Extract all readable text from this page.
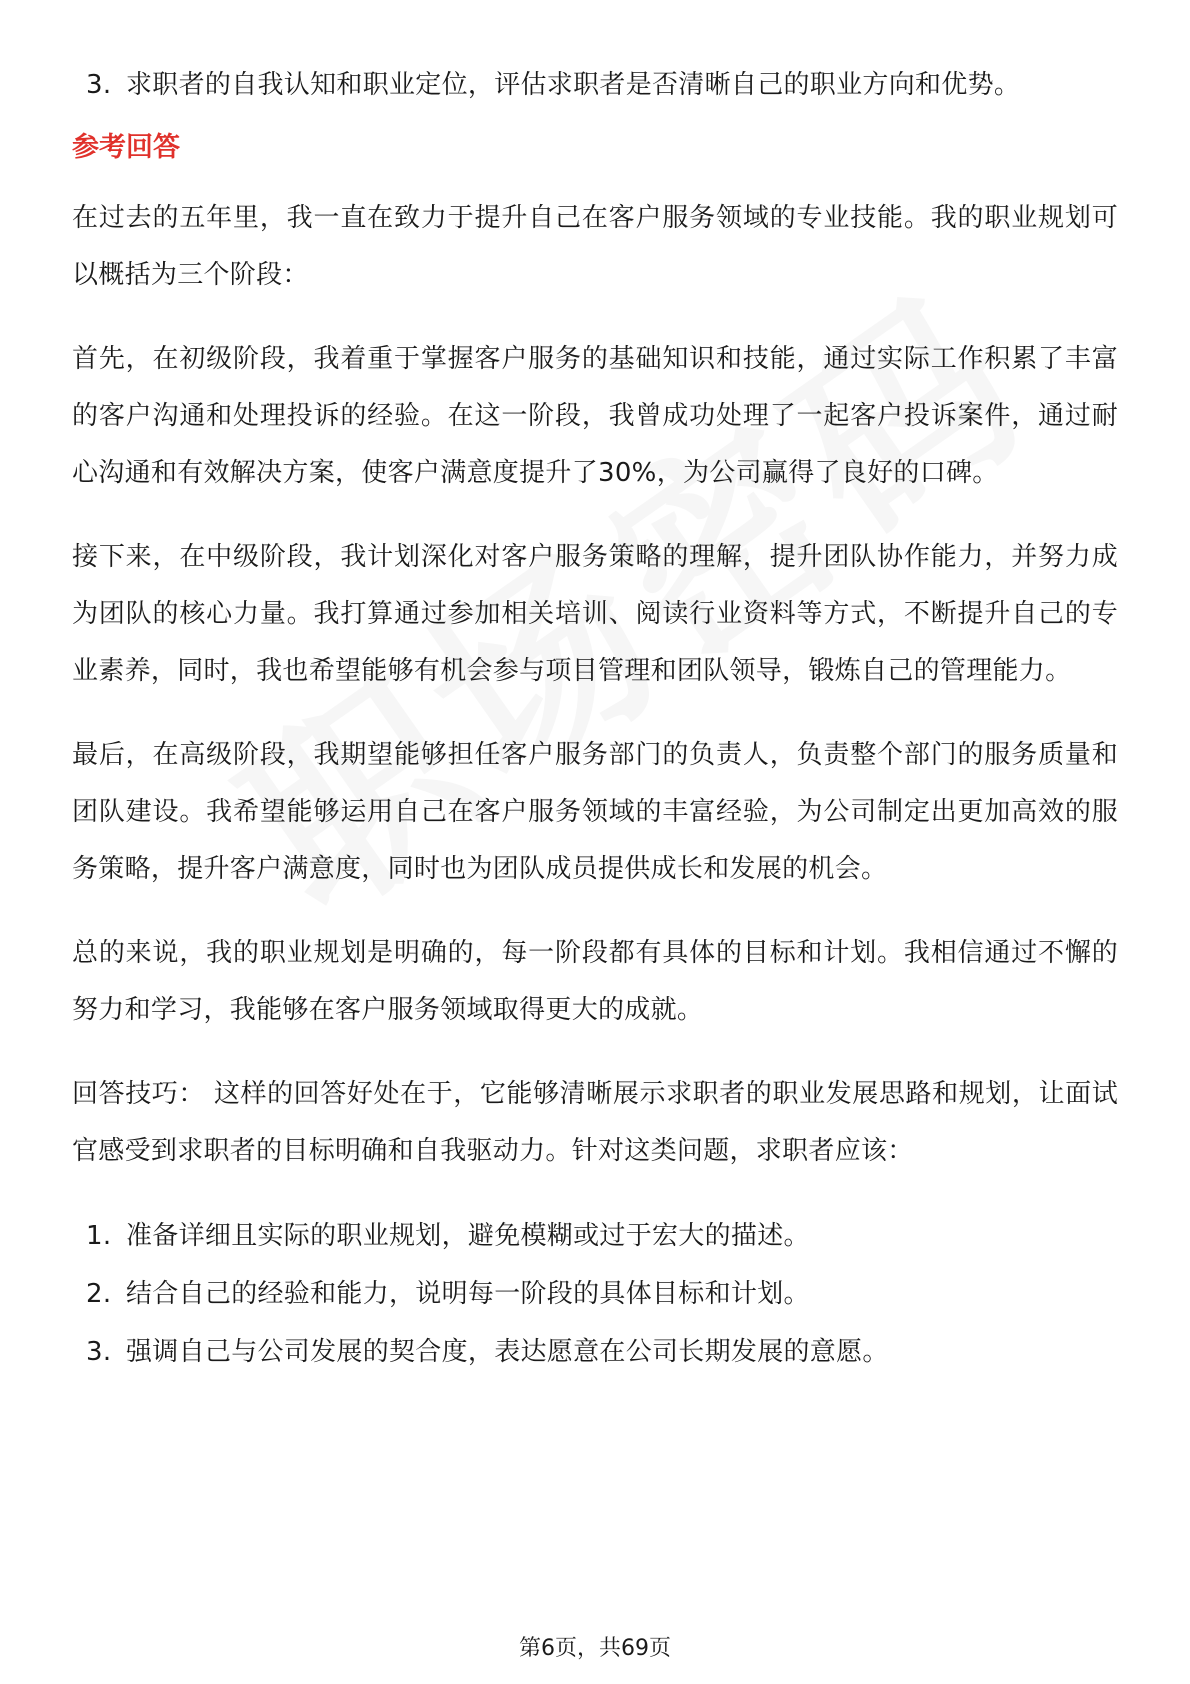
3. 求职者的自我认知和职业定位，评估求职者是否清晰自己的职业方向和优势。
参考回答

在过去的五年里，我一直在致力于提升自己在客户服务领域的专业技能。我的职业规划可以概括为三个阶段：

首先，在初级阶段，我着重于掌握客户服务的基础知识和技能，通过实际工作积累了丰富的客户沟通和处理投诉的经验。在这一阶段，我曾成功处理了一起客户投诉案件，通过耐心沟通和有效解决方案，使客户满意度提升了30%，为公司赢得了良好的口碑。

接下来，在中级阶段，我计划深化对客户服务策略的理解，提升团队协作能力，并努力成为团队的核心力量。我打算通过参加相关培训、阅读行业资料等方式，不断提升自己的专业素养，同时，我也希望能够有机会参与项目管理和团队领导，锻炼自己的管理能力。

最后，在高级阶段，我期望能够担任客户服务部门的负责人，负责整个部门的服务质量和团队建设。我希望能够运用自己在客户服务领域的丰富经验，为公司制定出更加高效的服务策略，提升客户满意度，同时也为团队成员提供成长和发展的机会。

总的来说，我的职业规划是明确的，每一阶段都有具体的目标和计划。我相信通过不懈的努力和学习，我能够在客户服务领域取得更大的成就。

回答技巧： 这样的回答好处在于，它能够清晰展示求职者的职业发展思路和规划，让面试官感受到求职者的目标明确和自我驱动力。针对这类问题，求职者应该：

1. 准备详细且实际的职业规划，避免模糊或过于宏大的描述。
2. 结合自己的经验和能力，说明每一阶段的具体目标和计划。
3. 强调自己与公司发展的契合度，表达愿意在公司长期发展的意愿。
第6页，共69页
